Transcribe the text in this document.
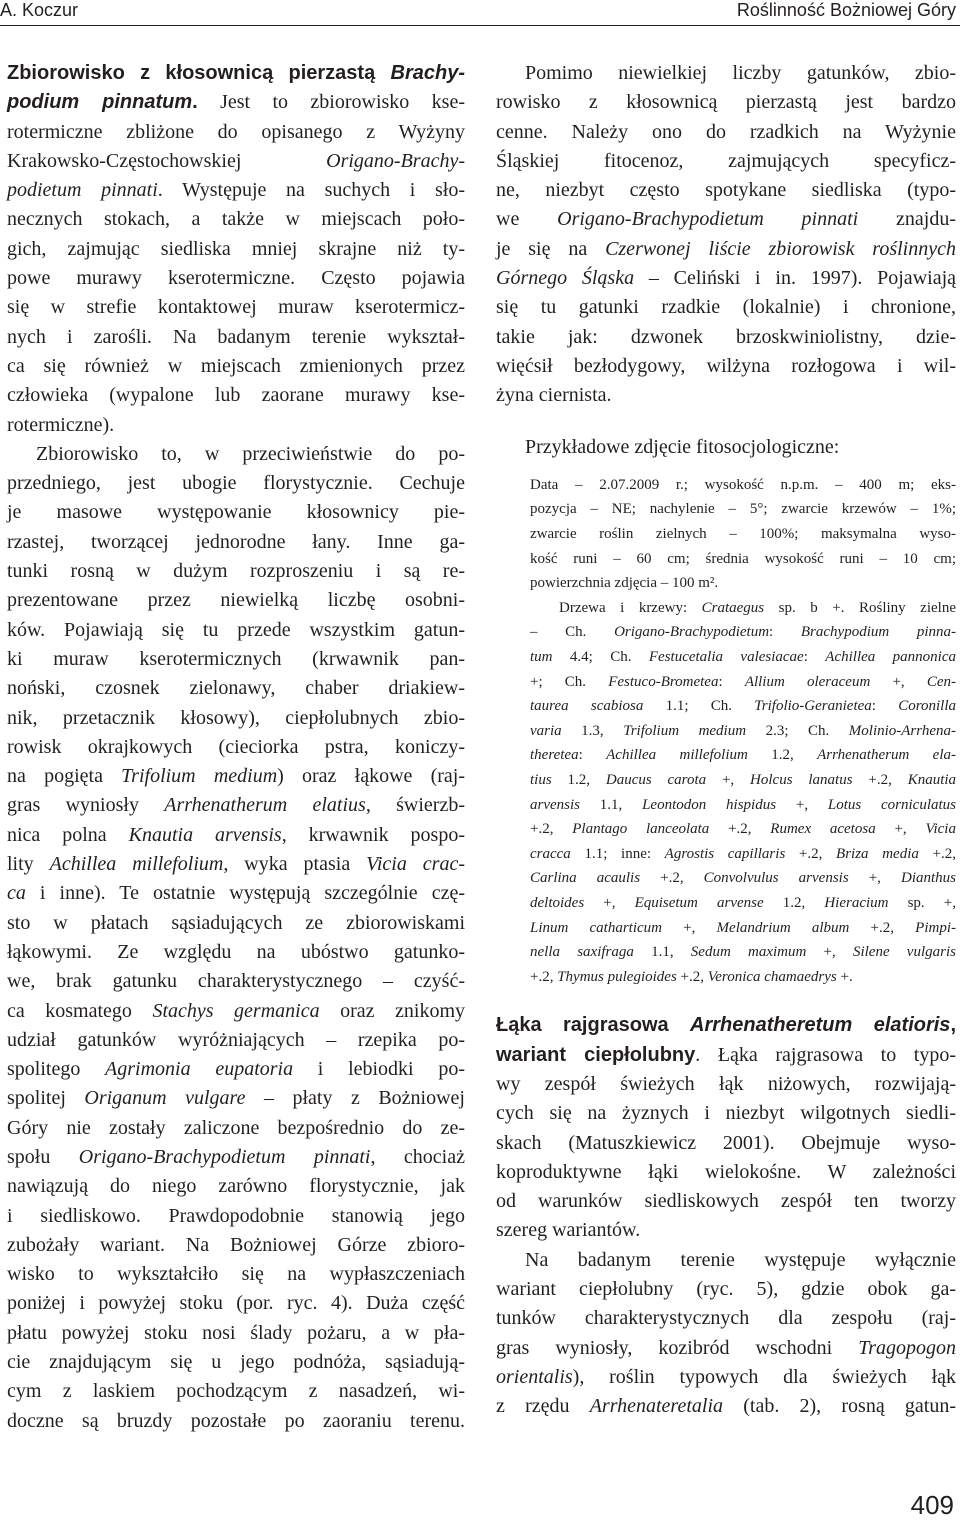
A. Koczur	Roślinność Bożniowej Góry
Zbiorowisko z kłosownicą pierzastą Brachy-
podium pinnatum. Jest to zbiorowisko kse-
rotermiczne zbliżone do opisanego z Wyżyny
Krakowsko-Częstochowskiej Origano-Brachy-
podietum pinnati. Występuje na suchych i sło-
necznych stokach, a także w miejscach poło-
gich, zajmując siedliska mniej skrajne niż ty-
powe murawy kserotermiczne. Często pojawia
się w strefie kontaktowej muraw kserotermicz-
nych i zarośli. Na badanym terenie wykształ-
ca się również w miejscach zmienionych przez
człowieka (wypalone lub zaorane murawy kse-
rotermiczne).
Zbiorowisko to, w przeciwieństwie do po-
przedniego, jest ubogie florystycznie. Cechuje
je masowe występowanie kłosownicy pie-
rzastej, tworzącej jednorodne łany. Inne ga-
tunki rosną w dużym rozproszeniu i są re-
prezentowane przez niewielką liczbę osobni-
ków. Pojawiają się tu przede wszystkim gatun-
ki muraw kserotermicznych (krwawnik pan-
noński, czosnek zielonawy, chaber driakiew-
nik, przetacznik kłosowy), ciepłolubnych zbio-
rowisk okrajkowych (cieciorka pstra, koniczy-
na pogięta Trifolium medium) oraz łąkowe (raj-
gras wyniosły Arrhenatherum elatius, świerzb-
nica polna Knautia arvensis, krwawnik pospo-
lity Achillea millefolium, wyka ptasia Vicia crac-
ca i inne). Te ostatnie występują szczególnie czę-
sto w płatach sąsiadujących ze zbiorowiskami
łąkowymi. Ze względu na ubóstwo gatunko-
we, brak gatunku charakterystycznego – czyść-
ca kosmatego Stachys germanica oraz znikomy
udział gatunków wyróżniających – rzepika po-
spolitego Agrimonia eupatoria i lebiodki po-
spolitej Origanum vulgare – płaty z Bożniowej
Góry nie zostały zaliczone bezpośrednio do ze-
społu Origano-Brachypodietum pinnati, chociaż
nawiązują do niego zarówno florystycznie, jak
i siedliskowo. Prawdopodobnie stanowią jego
zubożały wariant. Na Bożniowej Górze zbioro-
wisko to wykształciło się na wypłaszczeniach
poniżej i powyżej stoku (por. ryc. 4). Duża część
płatu powyżej stoku nosi ślady pożaru, a w pła-
cie znajdującym się u jego podnóża, sąsiadują-
cym z laskiem pochodzącym z nasadzeń, wi-
doczne są bruzdy pozostałe po zaoraniu terenu.
Pomimo niewielkiej liczby gatunków, zbio-
rowisko z kłosownicą pierzastą jest bardzo
cenne. Należy ono do rzadkich na Wyżynie
Śląskiej fitocenoz, zajmujących specyficz-
ne, niezbyt często spotykane siedliska (typo-
we Origano-Brachypodietum pinnati znajdu-
je się na Czerwonej liście zbiorowisk roślinnych
Górnego Śląska – Celiński i in. 1997). Pojawiają
się tu gatunki rzadkie (lokalnie) i chronione,
takie jak: dzwonek brzoskwiniolistny, dzie-
więćsił bezłodygowy, wilżyna rozłogowa i wil-
żyna ciernista.
Przykładowe zdjęcie fitosocjologiczne:
Data – 2.07.2009 r.; wysokość n.p.m. – 400 m; eks-
pozycja – NE; nachylenie – 5°; zwarcie krzewów – 1%;
zwarcie roślin zielnych – 100%; maksymalna wyso-
kość runi – 60 cm; średnia wysokość runi – 10 cm;
powierzchnia zdjęcia – 100 m².
Drzewa i krzewy: Crataegus sp. b +. Rośliny zielne
– Ch. Origano-Brachypodietum: Brachypodium pinna-
tum 4.4; Ch. Festucetalia valesiacae: Achillea pannonica
+; Ch. Festuco-Brometea: Allium oleraceum +, Cen-
taurea scabiosa 1.1; Ch. Trifolio-Geranietea: Coronilla
varia 1.3, Trifolium medium 2.3; Ch. Molinio-Arrhena-
theretea: Achillea millefolium 1.2, Arrhenatherum ela-
tius 1.2, Daucus carota +, Holcus lanatus +.2, Knautia
arvensis 1.1, Leontodon hispidus +, Lotus corniculatus
+.2, Plantago lanceolata +.2, Rumex acetosa +, Vicia
cracca 1.1; inne: Agrostis capillaris +.2, Briza media +.2,
Carlina acaulis +.2, Convolvulus arvensis +, Dianthus
deltoides +, Equisetum arvense 1.2, Hieracium sp. +,
Linum catharticum +, Melandrium album +.2, Pimpi-
nella saxifraga 1.1, Sedum maximum +, Silene vulgaris
+.2, Thymus pulegioides +.2, Veronica chamaedrys +.
Łąka rajgrasowa Arrhenatheretum elatioris,
wariant ciepłolubny. Łąka rajgrasowa to typo-
wy zespół świeżych łąk niżowych, rozwijają-
cych się na żyznych i niezbyt wilgotnych siedli-
skach (Matuszkiewicz 2001). Obejmuje wyso-
koproduktywne łąki wielokośne. W zależności
od warunków siedliskowych zespół ten tworzy
szereg wariantów.
Na badanym terenie występuje wyłącznie
wariant ciepłolubny (ryc. 5), gdzie obok ga-
tunków charakterystycznych dla zespołu (raj-
gras wyniosły, kozibród wschodni Tragopogon
orientalis), roślin typowych dla świeżych łąk
z rzędu Arrhenateretalia (tab. 2), rosną gatun-
409
